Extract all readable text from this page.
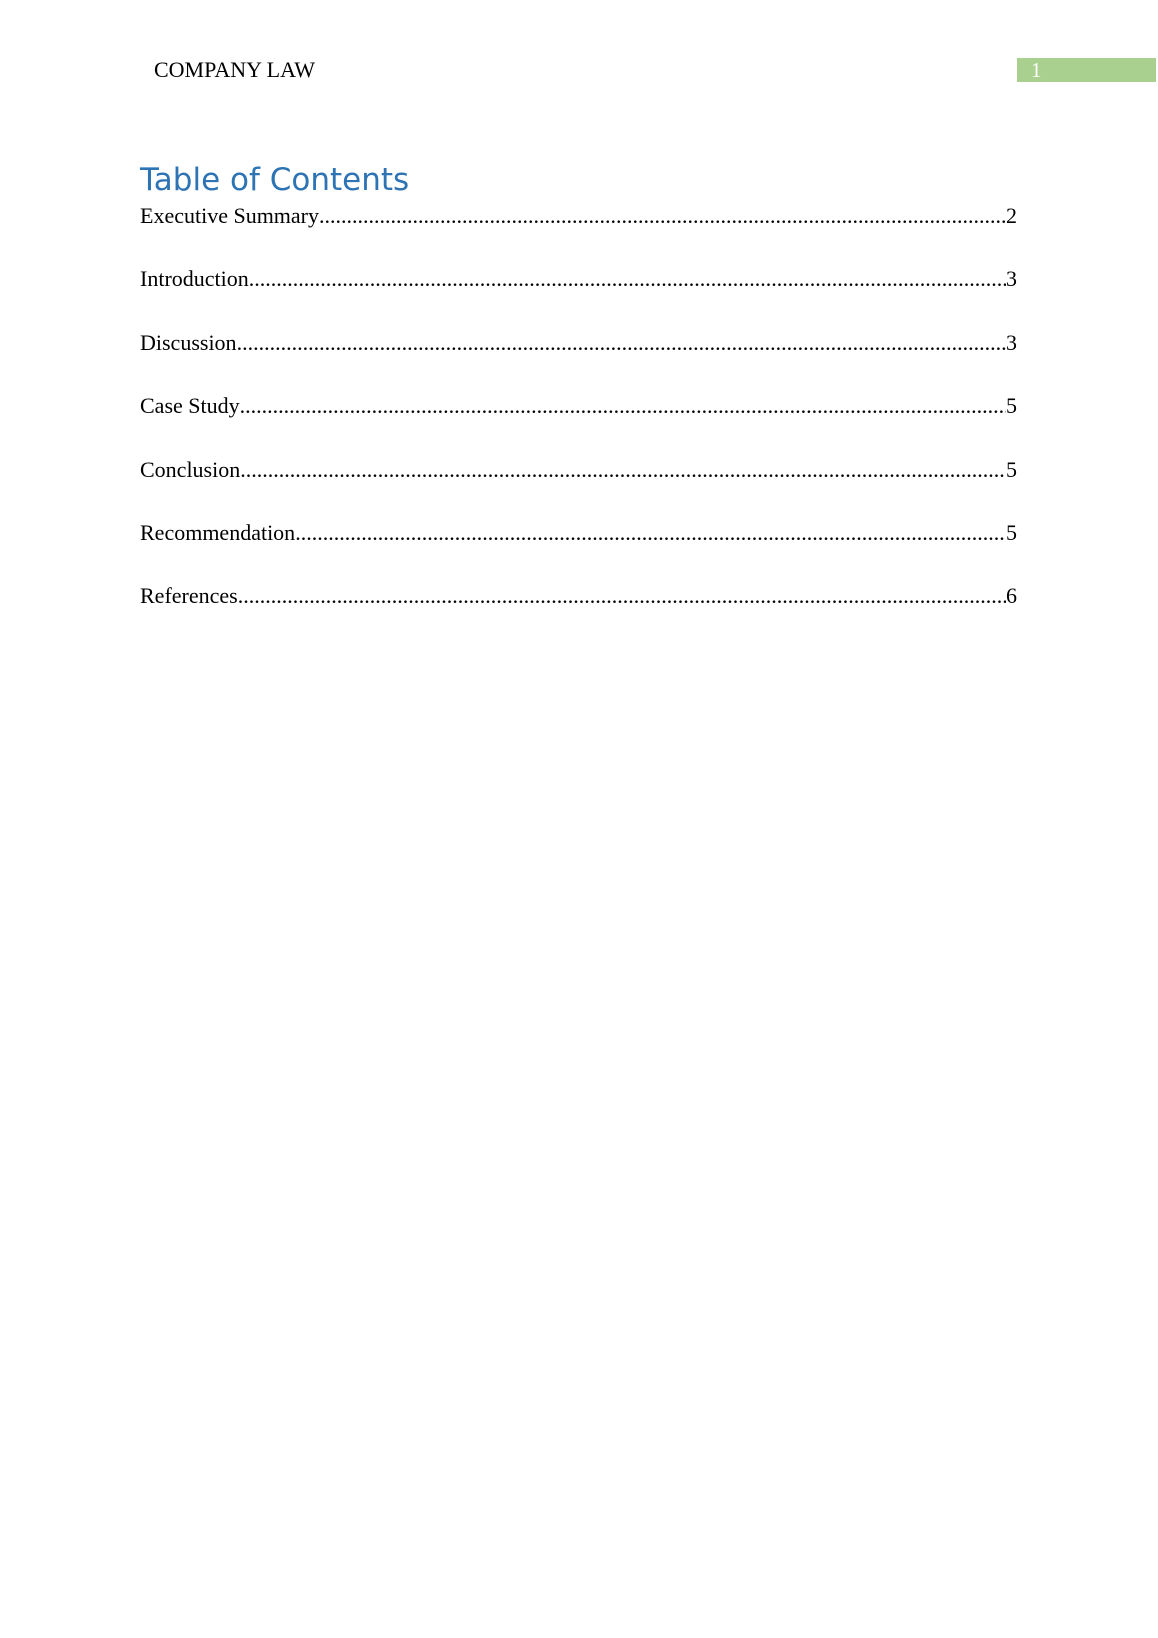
COMPANY LAW	1
Table of Contents
Executive Summary .....	2
Introduction .....	3
Discussion .....	3
Case Study .....	5
Conclusion .....	5
Recommendation .....	5
References .....	6
